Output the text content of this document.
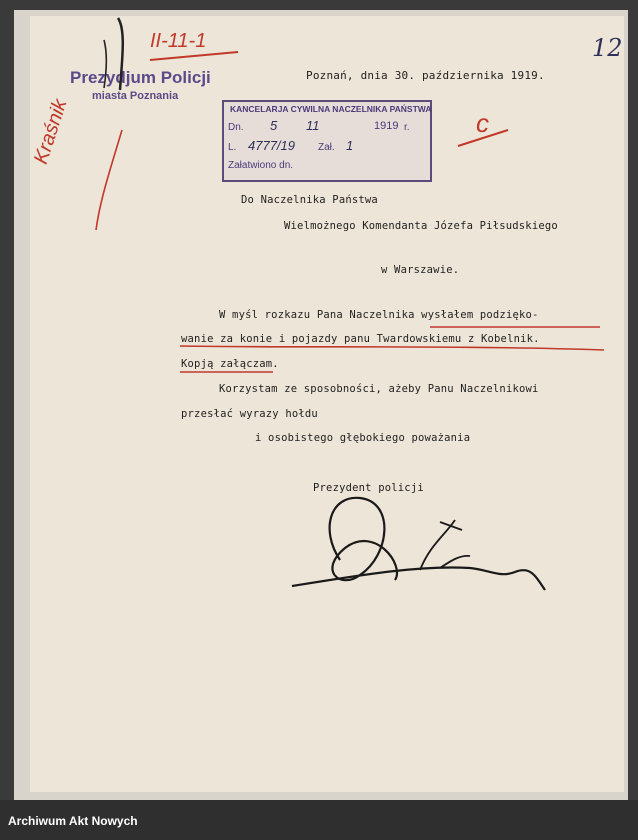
Prezydjum Policji
miasta Poznania
Poznań, dnia 30. października 1919.
12
II-11-1
c
Kraśnik	KANCELARJA CYWILNA NACZELNIKA PAŃSTWA
Dn. 5 11	1919 r.
L. 4777/19 Zał. 1
Załatwiono dn.
Do Naczelnika Państwa
Wielmożnego Komendanta Józefa Piłsudskiego
w Warszawie.
W myśl rozkazu Pana Naczelnika wysłałem podzięko-
wanie za konie i pojazdy panu Twardowskiemu z Kobelnik.
Kopją załączam.
Korzystam ze sposobności, ażeby Panu Naczelnikowi
przesłać wyrazy hołdu
i osobistego głębokiego poważania
Prezydent policji
Archiwum Akt Nowych
